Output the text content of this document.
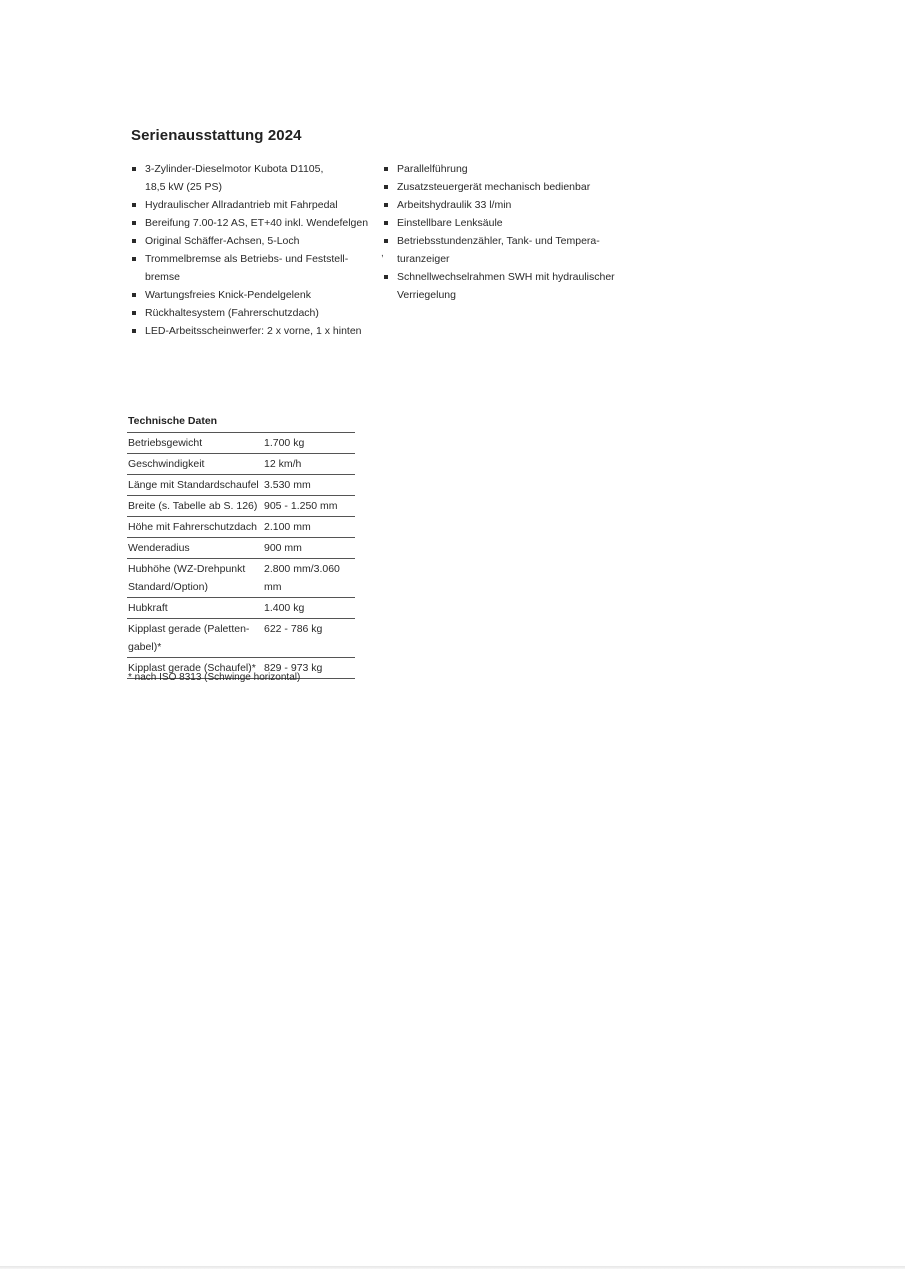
Serienausstattung 2024
3-Zylinder-Dieselmotor Kubota D1105,
18,5 kW (25 PS)
Hydraulischer Allradantrieb mit Fahrpedal
Bereifung 7.00-12 AS, ET+40 inkl. Wendefelgen
Original Schäffer-Achsen, 5-Loch
Trommelbremse als Betriebs- und Feststell-
bremse
Wartungsfreies Knick-Pendelgelenk
Rückhaltesystem (Fahrerschutzdach)
LED-Arbeitsscheinwerfer: 2 x vorne, 1 x hinten
Parallelführung
Zusatzsteuergerät mechanisch bedienbar
Arbeitshydraulik 33 l/min
Einstellbare Lenksäule
Betriebsstundenzähler, Tank- und Tempera-
turanzeiger
Schnellwechselrahmen SWH mit hydraulischer
Verriegelung
,
Technische Daten
Betriebsgewicht	1.700 kg
Geschwindigkeit	12 km/h
Länge mit Standardschaufel	3.530 mm
Breite (s. Tabelle ab S. 126)	905 - 1.250 mm
Höhe mit Fahrerschutzdach	2.100 mm
Wenderadius	900 mm
Hubhöhe (WZ-Drehpunkt Standard/Option)	2.800 mm/3.060 mm
Hubkraft	1.400 kg
Kipplast gerade (Paletten-gabel)*	622 - 786 kg
Kipplast gerade (Schaufel)*	829 - 973 kg
* nach ISO 8313 (Schwinge horizontal)
